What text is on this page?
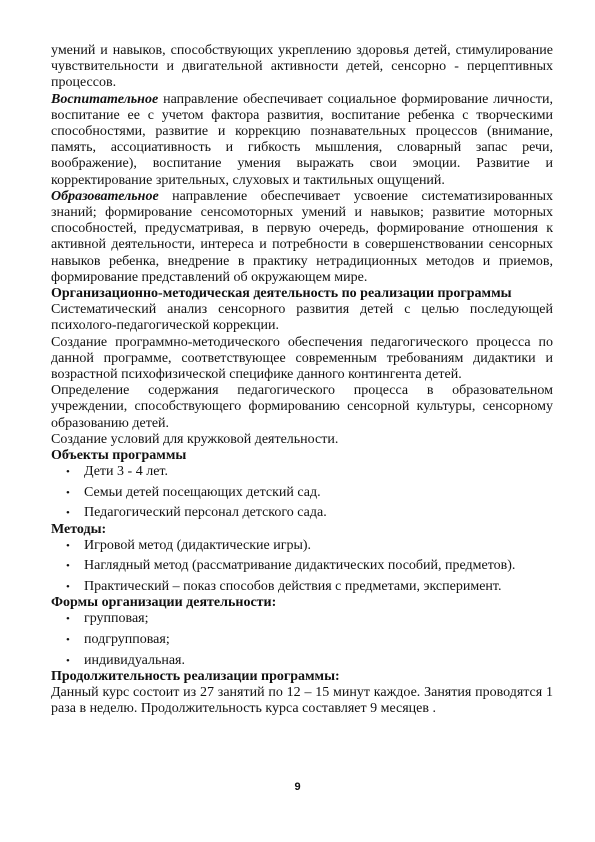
умений и навыков, способствующих укреплению здоровья детей, стимулирование чувствительности и двигательной активности детей, сенсорно - перцептивных процессов.

Воспитательное направление обеспечивает социальное формирование личности, воспитание ее с учетом фактора развития, воспитание ребенка с творческими способностями, развитие и коррекцию познавательных процессов (внимание, память, ассоциативность и гибкость мышления, словарный запас речи, воображение), воспитание умения выражать свои эмоции. Развитие и корректирование зрительных, слуховых и тактильных ощущений.

Образовательное направление обеспечивает усвоение систематизированных знаний; формирование сенсомоторных умений и навыков; развитие моторных способностей, предусматривая, в первую очередь, формирование отношения к активной деятельности, интереса и потребности в совершенствовании сенсорных навыков ребенка, внедрение в практику нетрадиционных методов и приемов, формирование представлений об окружающем мире.

Организационно-методическая деятельность по реализации программы

Систематический анализ сенсорного развития детей с целью последующей психолого-педагогической коррекции.

Создание программно-методического обеспечения педагогического процесса по данной программе, соответствующее современным требованиям дидактики и возрастной психофизической специфике данного контингента детей.

Определение содержания педагогического процесса в образовательном учреждении, способствующего формированию сенсорной культуры, сенсорному образованию детей.

Создание условий для кружковой деятельности.

Объекты программы

• Дети 3 - 4 лет.
• Семьи детей посещающих детский сад.
• Педагогический персонал детского сада.

Методы:

• Игровой метод (дидактические игры).
• Наглядный метод (рассматривание дидактических пособий, предметов).
• Практический – показ способов действия с предметами, эксперимент.

Формы организации деятельности:

• групповая;
• подгрупповая;
• индивидуальная.

Продолжительность реализации программы:

Данный курс состоит из 27 занятий по 12 – 15 минут каждое. Занятия проводятся 1 раза в неделю. Продолжительность курса составляет 9 месяцев .

9
